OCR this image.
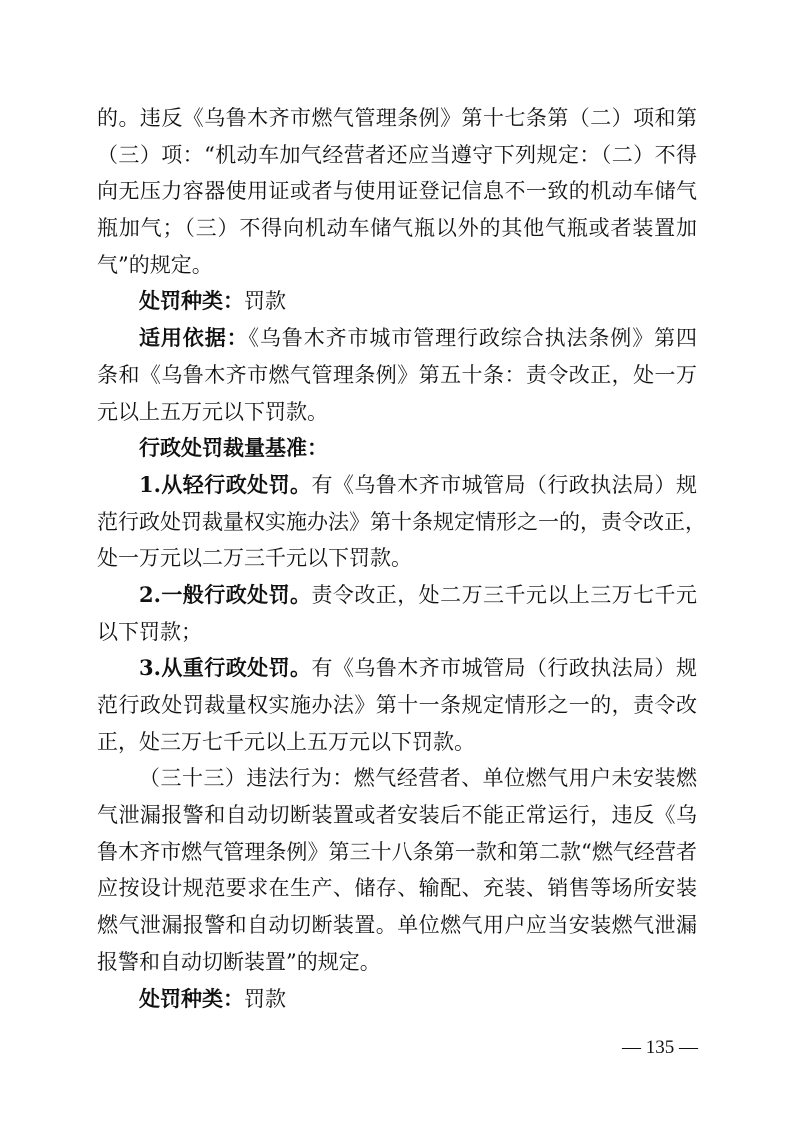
的。违反《乌鲁木齐市燃气管理条例》第十七条第（二）项和第
（三）项：“机动车加气经营者还应当遵守下列规定：（二）不得
向无压力容器使用证或者与使用证登记信息不一致的机动车储气
瓶加气；（三）不得向机动车储气瓶以外的其他气瓶或者装置加
气”的规定。
处罚种类：罚款
适用依据：《乌鲁木齐市城市管理行政综合执法条例》第四
条和《乌鲁木齐市燃气管理条例》第五十条：责令改正，处一万
元以上五万元以下罚款。
行政处罚裁量基准：
1.从轻行政处罚。有《乌鲁木齐市城管局（行政执法局）规
范行政处罚裁量权实施办法》第十条规定情形之一的，责令改正，
处一万元以二万三千元以下罚款。
2.一般行政处罚。责令改正，处二万三千元以上三万七千元
以下罚款；
3.从重行政处罚。有《乌鲁木齐市城管局（行政执法局）规
范行政处罚裁量权实施办法》第十一条规定情形之一的，责令改
正，处三万七千元以上五万元以下罚款。
（三十三）违法行为：燃气经营者、单位燃气用户未安装燃
气泄漏报警和自动切断装置或者安装后不能正常运行，违反《乌
鲁木齐市燃气管理条例》第三十八条第一款和第二款“燃气经营者
应按设计规范要求在生产、储存、输配、充装、销售等场所安装
燃气泄漏报警和自动切断装置。单位燃气用户应当安装燃气泄漏
报警和自动切断装置”的规定。
处罚种类：罚款
— 135 —
